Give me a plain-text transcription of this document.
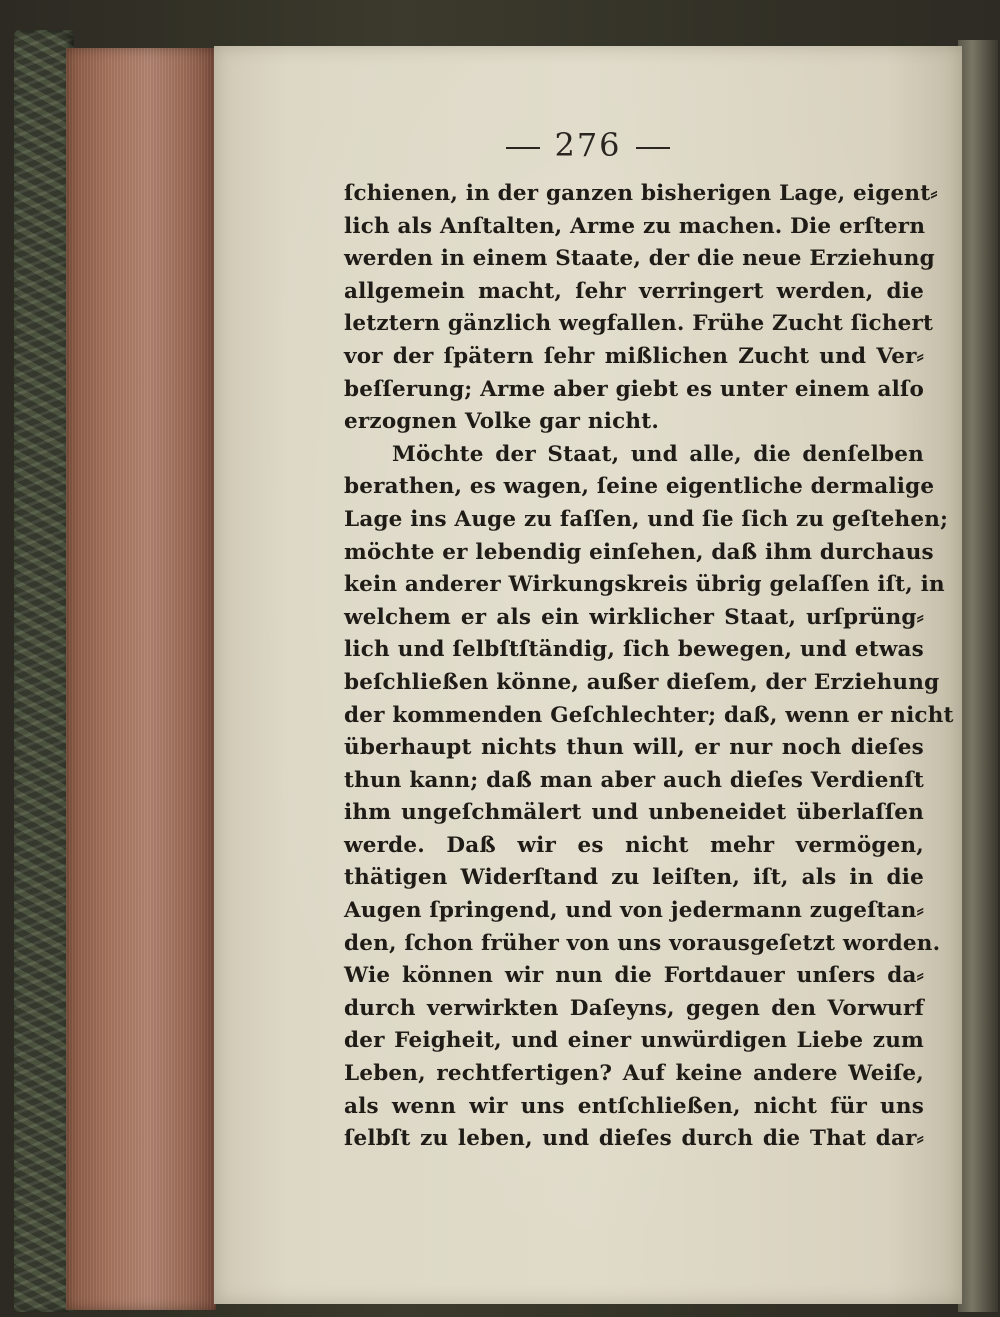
276
ſchienen, in der ganzen bisherigen Lage, eigent⸗
lich als Anſtalten, Arme zu machen. Die erſtern
werden in einem Staate, der die neue Erziehung
allgemein macht, ſehr verringert werden, die
letztern gänzlich wegfallen. Frühe Zucht ſichert
vor der ſpätern ſehr mißlichen Zucht und Ver⸗
beſſerung; Arme aber giebt es unter einem alſo
erzognen Volke gar nicht.
Möchte der Staat, und alle, die denſelben
berathen, es wagen, ſeine eigentliche dermalige
Lage ins Auge zu faſſen, und ſie ſich zu geſtehen;
möchte er lebendig einſehen, daß ihm durchaus
kein anderer Wirkungskreis übrig gelaſſen iſt, in
welchem er als ein wirklicher Staat, urſprüng⸗
lich und ſelbſtſtändig, ſich bewegen, und etwas
beſchließen könne, außer dieſem, der Erziehung
der kommenden Geſchlechter; daß, wenn er nicht
überhaupt nichts thun will, er nur noch dieſes
thun kann; daß man aber auch dieſes Verdienſt
ihm ungeſchmälert und unbeneidet überlaſſen
werde. Daß wir es nicht mehr vermögen,
thätigen Widerſtand zu leiſten, iſt, als in die
Augen ſpringend, und von jedermann zugeſtan⸗
den, ſchon früher von uns vorausgeſetzt worden.
Wie können wir nun die Fortdauer unſers da⸗
durch verwirkten Daſeyns, gegen den Vorwurf
der Feigheit, und einer unwürdigen Liebe zum
Leben, rechtfertigen? Auf keine andere Weiſe,
als wenn wir uns entſchließen, nicht für uns
ſelbſt zu leben, und dieſes durch die That dar⸗
